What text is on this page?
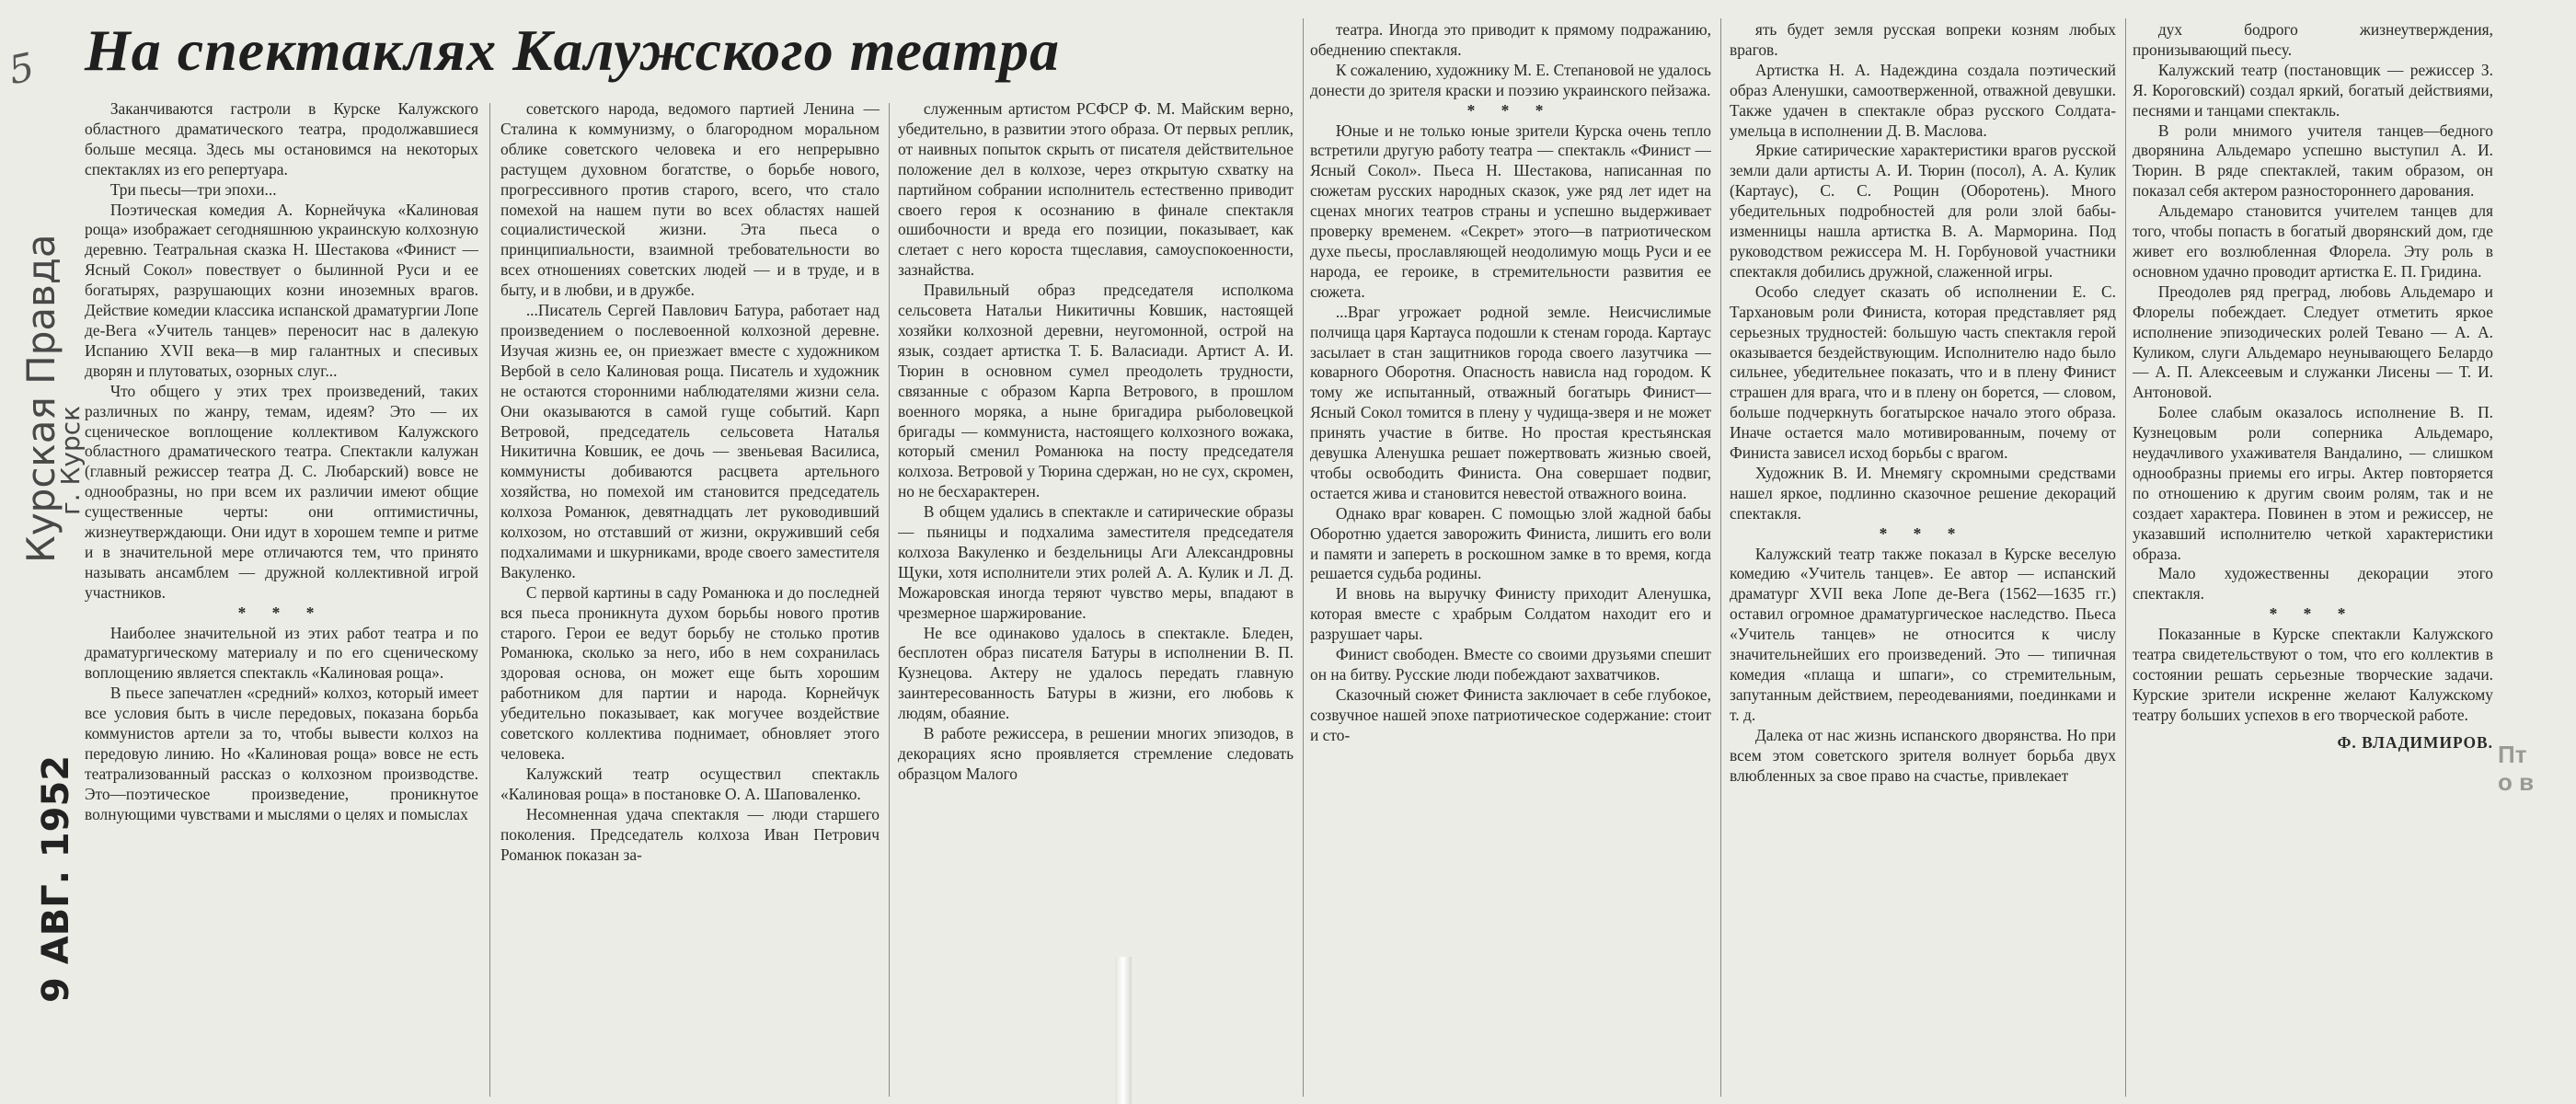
5
г. Курск
Курская Правда
9 АВГ. 1952
На спектаклях Калужского театра

Заканчиваются гастроли в Курске Калужского областного драматического театра, продолжавшиеся больше месяца. Здесь мы остановимся на некоторых спектаклях из его репертуара.

Три пьесы—три эпохи...

Поэтическая комедия А. Корнейчука «Калиновая роща» изображает сегодняшнюю украинскую колхозную деревню. Театральная сказка Н. Шестакова «Финист — Ясный Сокол» повествует о былинной Руси и ее богатырях, разрушающих козни иноземных врагов. Действие комедии классика испанской драматургии Лопе де-Вега «Учитель танцев» переносит нас в далекую Испанию XVII века—в мир галантных и спесивых дворян и плутоватых, озорных слуг...

Что общего у этих трех произведений, таких различных по жанру, темам, идеям? Это — их сценическое воплощение коллективом Калужского областного драматического театра. Спектакли калужан (главный режиссер театра Д. С. Любарский) вовсе не однообразны, но при всем их различии имеют общие существенные черты: они оптимистичны, жизнеутверждающи. Они идут в хорошем темпе и ритме и в значительной мере отличаются тем, что принято называть ансамблем — дружной коллективной игрой участников.

* * *

Наиболее значительной из этих работ театра и по драматургическому материалу и по его сценическому воплощению является спектакль «Калиновая роща».

В пьесе запечатлен «средний» колхоз, который имеет все условия быть в числе передовых, показана борьба коммунистов артели за то, чтобы вывести колхоз на передовую линию. Но «Калиновая роща» вовсе не есть театрализованный рассказ о колхозном производстве. Это—поэтическое произведение, проникнутое волнующими чувствами и мыслями о целях и помыслах

советского народа, ведомого партией Ленина — Сталина к коммунизму, о благородном моральном облике советского человека и его непрерывно растущем духовном богатстве, о борьбе нового, прогрессивного против старого, всего, что стало помехой на нашем пути во всех областях нашей социалистической жизни. Эта пьеса о принципиальности, взаимной требовательности во всех отношениях советских людей — и в труде, и в быту, и в любви, и в дружбе.

...Писатель Сергей Павлович Батура, работает над произведением о послевоенной колхозной деревне. Изучая жизнь ее, он приезжает вместе с художником Вербой в село Калиновая роща. Писатель и художник не остаются сторонними наблюдателями жизни села. Они оказываются в самой гуще событий. Карп Ветровой, председатель сельсовета Наталья Никитична Ковшик, ее дочь — звеньевая Василиса, коммунисты добиваются расцвета артельного хозяйства, но помехой им становится председатель колхоза Романюк, девятнадцать лет руководивший колхозом, но отставший от жизни, окруживший себя подхалимами и шкурниками, вроде своего заместителя Вакуленко.

С первой картины в саду Романюка и до последней вся пьеса проникнута духом борьбы нового против старого. Герои ее ведут борьбу не столько против Романюка, сколько за него, ибо в нем сохранилась здоровая основа, он может еще быть хорошим работником для партии и народа. Корнейчук убедительно показывает, как могучее воздействие советского коллектива поднимает, обновляет этого человека.

Калужский театр осуществил спектакль «Калиновая роща» в постановке О. А. Шаповаленко.

Несомненная удача спектакля — люди старшего поколения. Председатель колхоза Иван Петрович Романюк показан за-

служенным артистом РСФСР Ф. М. Майским верно, убедительно, в развитии этого образа. От первых реплик, от наивных попыток скрыть от писателя действительное положение дел в колхозе, через открытую схватку на партийном собрании исполнитель естественно приводит своего героя к осознанию в финале спектакля ошибочности и вреда его позиции, показывает, как слетает с него короста тщеславия, самоуспокоенности, зазнайства.

Правильный образ председателя исполкома сельсовета Натальи Никитичны Ковшик, настоящей хозяйки колхозной деревни, неугомонной, острой на язык, создает артистка Т. Б. Валасиади. Артист А. И. Тюрин в основном сумел преодолеть трудности, связанные с образом Карпа Ветрового, в прошлом военного моряка, а ныне бригадира рыболовецкой бригады — коммуниста, настоящего колхозного вожака, который сменил Романюка на посту председателя колхоза. Ветровой у Тюрина сдержан, но не сух, скромен, но не бесхарактерен.

В общем удались в спектакле и сатирические образы — пьяницы и подхалима заместителя председателя колхоза Вакуленко и бездельницы Аги Александровны Щуки, хотя исполнители этих ролей А. А. Кулик и Л. Д. Можаровская иногда теряют чувство меры, впадают в чрезмерное шаржирование.

Не все одинаково удалось в спектакле. Бледен, бесплотен образ писателя Батуры в исполнении В. П. Кузнецова. Актеру не удалось передать главную заинтересованность Батуры в жизни, его любовь к людям, обаяние.

В работе режиссера, в решении многих эпизодов, в декорациях ясно проявляется стремление следовать образцом Малого

театра. Иногда это приводит к прямому подражанию, обеднению спектакля.

К сожалению, художнику М. Е. Степановой не удалось донести до зрителя краски и поэзию украинского пейзажа.

* * *

Юные и не только юные зрители Курска очень тепло встретили другую работу театра — спектакль «Финист — Ясный Сокол». Пьеса Н. Шестакова, написанная по сюжетам русских народных сказок, уже ряд лет идет на сценах многих театров страны и успешно выдерживает проверку временем. «Секрет» этого—в патриотическом духе пьесы, прославляющей неодолимую мощь Руси и ее народа, ее героике, в стремительности развития ее сюжета.

...Враг угрожает родной земле. Неисчислимые полчища царя Картауса подошли к стенам города. Картаус засылает в стан защитников города своего лазутчика — коварного Оборотня. Опасность нависла над городом. К тому же испытанный, отважный богатырь Финист—Ясный Сокол томится в плену у чудища-зверя и не может принять участие в битве. Но простая крестьянская девушка Аленушка решает пожертвовать жизнью своей, чтобы освободить Финиста. Она совершает подвиг, остается жива и становится невестой отважного воина.

Однако враг коварен. С помощью злой жадной бабы Оборотню удается заворожить Финиста, лишить его воли и памяти и запереть в роскошном замке в то время, когда решается судьба родины.

И вновь на выручку Финисту приходит Аленушка, которая вместе с храбрым Солдатом находит его и разрушает чары.

Финист свободен. Вместе со своими друзьями спешит он на битву. Русские люди побеждают захватчиков.

Сказочный сюжет Финиста заключает в себе глубокое, созвучное нашей эпохе патриотическое содержание: стоит и сто-

ять будет земля русская вопреки козням любых врагов.

Артистка Н. А. Надеждина создала поэтический образ Аленушки, самоотверженной, отважной девушки. Также удачен в спектакле образ русского Солдата-умельца в исполнении Д. В. Маслова.

Яркие сатирические характеристики врагов русской земли дали артисты А. И. Тюрин (посол), А. А. Кулик (Картаус), С. С. Рощин (Оборотень). Много убедительных подробностей для роли злой бабы-изменницы нашла артистка В. А. Марморина. Под руководством режиссера М. Н. Горбуновой участники спектакля добились дружной, слаженной игры.

Особо следует сказать об исполнении Е. С. Тархановым роли Финиста, которая представляет ряд серьезных трудностей: большую часть спектакля герой оказывается бездействующим. Исполнителю надо было сильнее, убедительнее показать, что и в плену Финист страшен для врага, что и в плену он борется, — словом, больше подчеркнуть богатырское начало этого образа. Иначе остается мало мотивированным, почему от Финиста зависел исход борьбы с врагом.

Художник В. И. Мнемягу скромными средствами нашел яркое, подлинно сказочное решение декораций спектакля.

* * *

Калужский театр также показал в Курске веселую комедию «Учитель танцев». Ее автор — испанский драматург XVII века Лопе де-Вега (1562—1635 гг.) оставил огромное драматургическое наследство. Пьеса «Учитель танцев» не относится к числу значительнейших его произведений. Это — типичная комедия «плаща и шпаги», со стремительным, запутанным действием, переодеваниями, поединками и т. д.

Далека от нас жизнь испанского дворянства. Но при всем этом советского зрителя волнует борьба двух влюбленных за свое право на счастье, привлекает

дух бодрого жизнеутверждения, пронизывающий пьесу.

Калужский театр (постановщик — режиссер З. Я. Короговский) создал яркий, богатый действиями, песнями и танцами спектакль.

В роли мнимого учителя танцев—бедного дворянина Альдемаро успешно выступил А. И. Тюрин. В ряде спектаклей, таким образом, он показал себя актером разностороннего дарования.

Альдемаро становится учителем танцев для того, чтобы попасть в богатый дворянский дом, где живет его возлюбленная Флорела. Эту роль в основном удачно проводит артистка Е. П. Гридина.

Преодолев ряд преград, любовь Альдемаро и Флорелы побеждает. Следует отметить яркое исполнение эпизодических ролей Тевано — А. А. Куликом, слуги Альдемаро неунывающего Белардо — А. П. Алексеевым и служанки Лисены — Т. И. Антоновой.

Более слабым оказалось исполнение В. П. Кузнецовым роли соперника Альдемаро, неудачливого ухаживателя Вандалино, — слишком однообразны приемы его игры. Актер повторяется по отношению к другим своим ролям, так и не создает характера. Повинен в этом и режиссер, не указавший исполнителю четкой характеристики образа.

Мало художественны декорации этого спектакля.

* * *

Показанные в Курске спектакли Калужского театра свидетельствуют о том, что его коллектив в состоянии решать серьезные творческие задачи. Курские зрители искренне желают Калужскому театру больших успехов в его творческой работе.

Ф. ВЛАДИМИРОВ. Пт
о в
